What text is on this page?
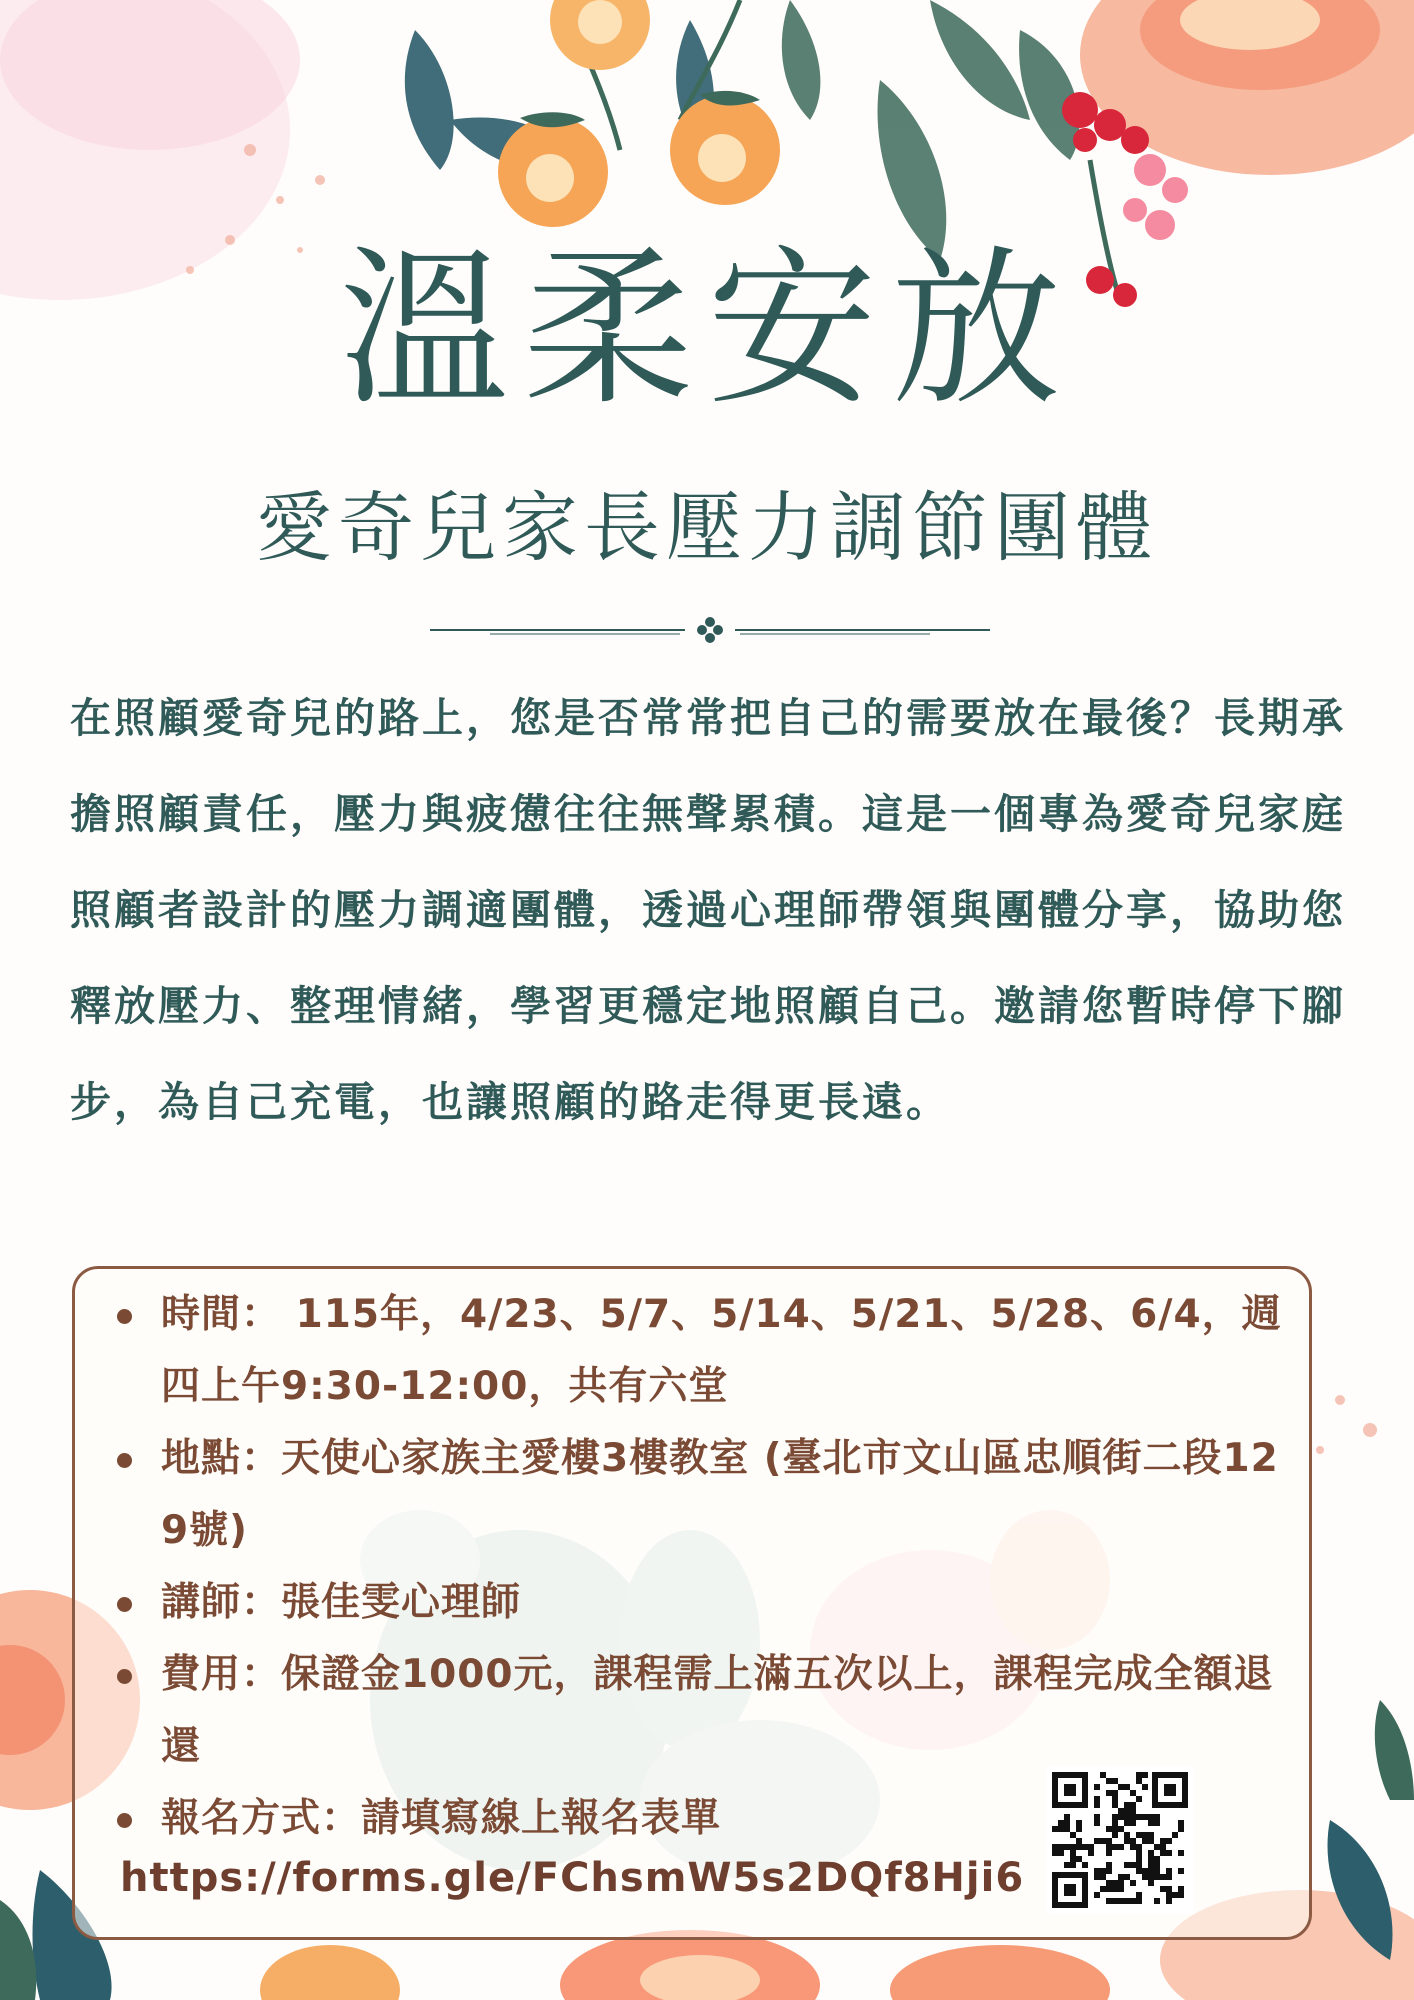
溫柔安放
愛奇兒家長壓力調節團體

在照顧愛奇兒的路上，您是否常常把自己的需要放在最後？長期承擔照顧責任，壓力與疲憊往往無聲累積。這是一個專為愛奇兒家庭照顧者設計的壓力調適團體，透過心理師帶領與團體分享，協助您釋放壓力、整理情緒，學習更穩定地照顧自己。邀請您暫時停下腳步，為自己充電，也讓照顧的路走得更長遠。

時間： 115年，4/23、5/7、5/14、5/21、5/28、6/4，週四上午9:30-12:00，共有六堂
地點：天使心家族主愛樓3樓教室 (臺北市文山區忠順街二段129號)
講師：張佳雯心理師
費用：保證金1000元，課程需上滿五次以上，課程完成全額退還
報名方式：請填寫線上報名表單
https://forms.gle/FChsmW5s2DQf8Hji6
